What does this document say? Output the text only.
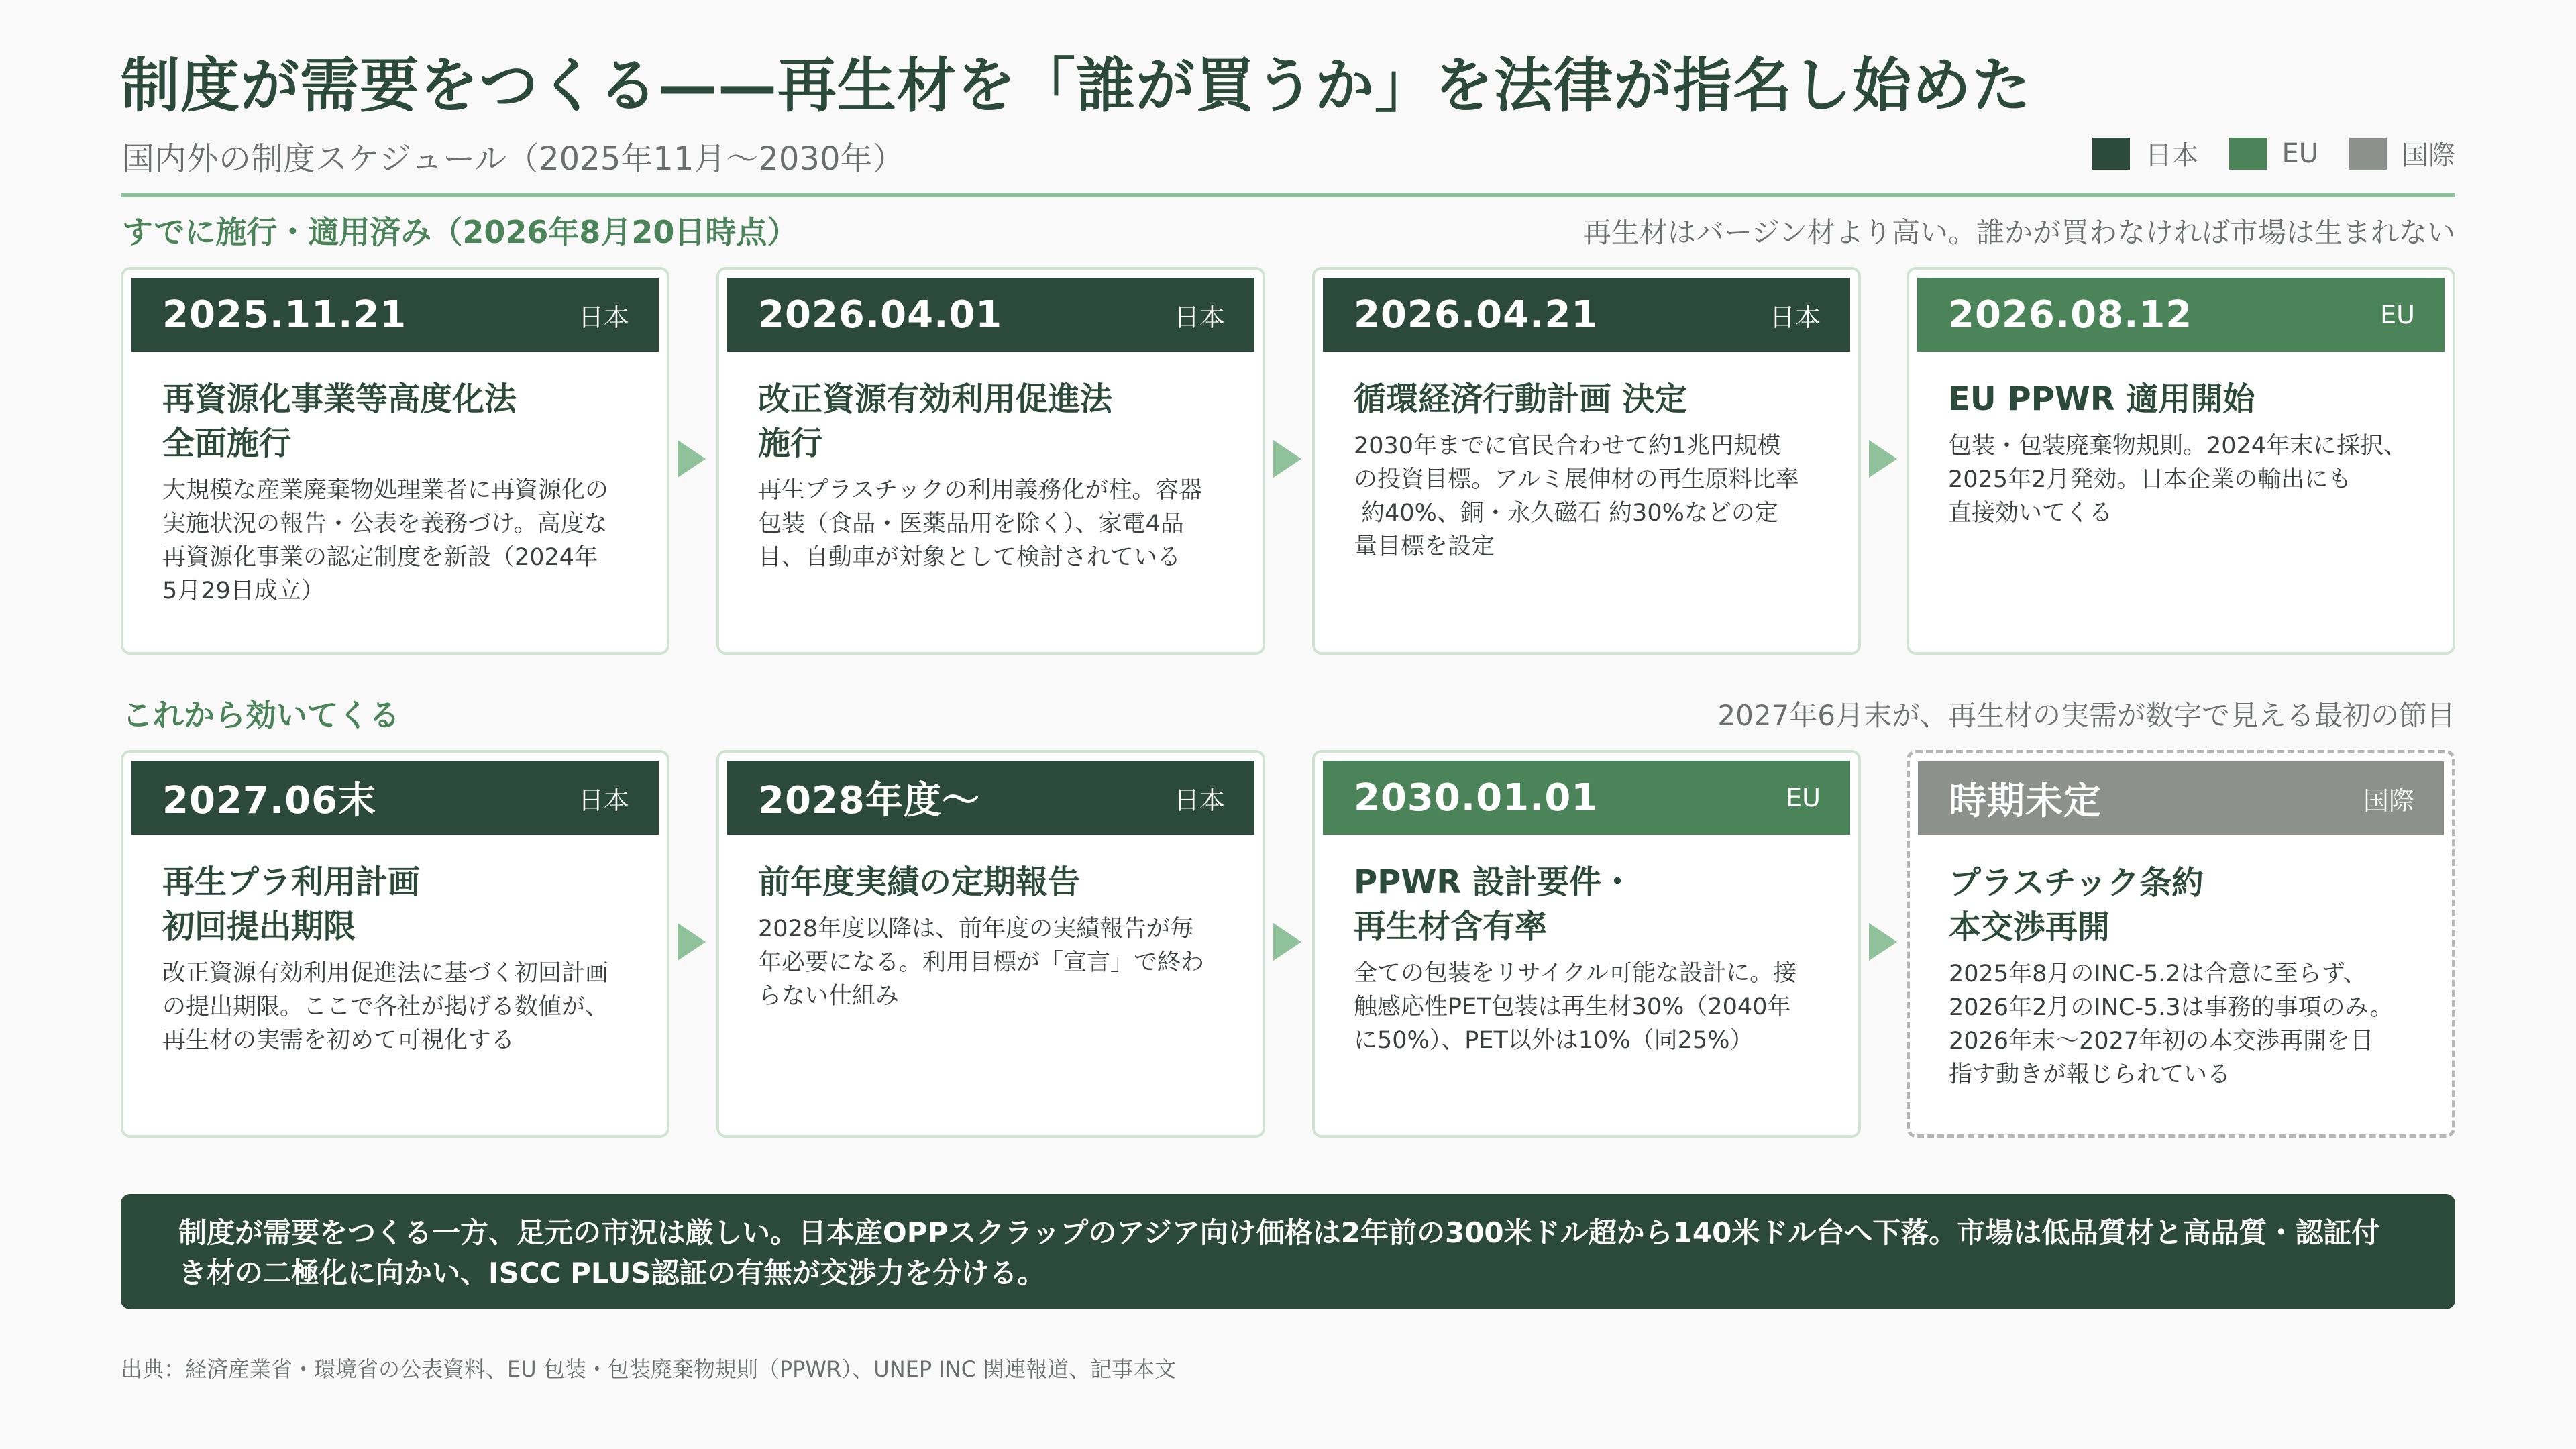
制度が需要をつくる——再生材を「誰が買うか」を法律が指名し始めた
国内外の制度スケジュール（2025年11月〜2030年）	日本	EU	国際
すでに施行・適用済み（2026年8月20日時点）	再生材はバージン材より高い。誰かが買わなければ市場は生まれない
2025.11.21	日本
再資源化事業等高度化法
全面施行
大規模な産業廃棄物処理業者に再資源化の
実施状況の報告・公表を義務づけ。高度な
再資源化事業の認定制度を新設（2024年
5月29日成立）
2026.04.01	日本
改正資源有効利用促進法
施行
再生プラスチックの利用義務化が柱。容器
包装（食品・医薬品用を除く）、家電4品
目、自動車が対象として検討されている
2026.04.21	日本
循環経済行動計画 決定
2030年までに官民合わせて約1兆円規模
の投資目標。アルミ展伸材の再生原料比率
約40%、銅・永久磁石 約30%などの定
量目標を設定
2026.08.12	EU
EU PPWR 適用開始
包装・包装廃棄物規則。2024年末に採択、
2025年2月発効。日本企業の輸出にも
直接効いてくる
これから効いてくる	2027年6月末が、再生材の実需が数字で見える最初の節目
2027.06末	日本
再生プラ利用計画
初回提出期限
改正資源有効利用促進法に基づく初回計画
の提出期限。ここで各社が掲げる数値が、
再生材の実需を初めて可視化する
2028年度〜	日本
前年度実績の定期報告
2028年度以降は、前年度の実績報告が毎
年必要になる。利用目標が「宣言」で終わ
らない仕組み
2030.01.01	EU
PPWR 設計要件・
再生材含有率
全ての包装をリサイクル可能な設計に。接
触感応性PET包装は再生材30%（2040年
に50%）、PET以外は10%（同25%）
時期未定	国際
プラスチック条約
本交渉再開
2025年8月のINC-5.2は合意に至らず、
2026年2月のINC-5.3は事務的事項のみ。
2026年末〜2027年初の本交渉再開を目
指す動きが報じられている
制度が需要をつくる一方、足元の市況は厳しい。日本産OPPスクラップのアジア向け価格は2年前の300米ドル超から140米ドル台へ下落。市場は低品質材と高品質・認証付
き材の二極化に向かい、ISCC PLUS認証の有無が交渉力を分ける。
出典：経済産業省・環境省の公表資料、EU 包装・包装廃棄物規則（PPWR）、UNEP INC 関連報道、記事本文
